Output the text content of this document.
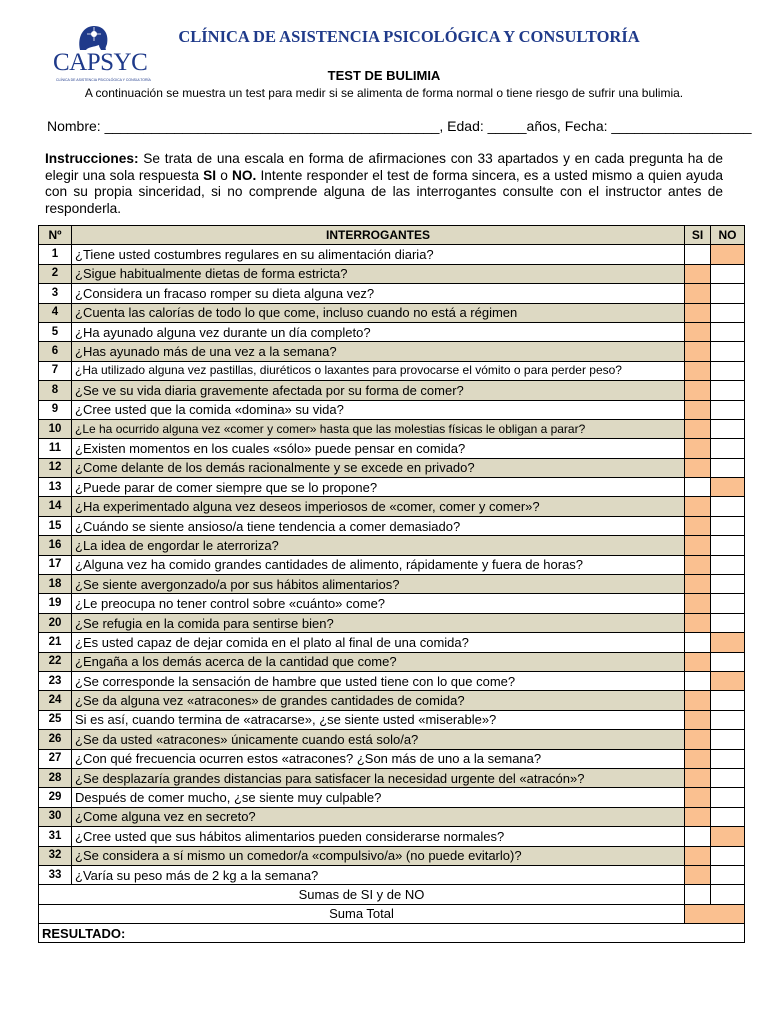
CAPSYC
CLÍNICA DE ASISTENCIA PSICOLÓGICA Y CONSULTORÍA
CLÍNICA DE ASISTENCIA PSICOLÓGICA Y CONSULTORÍA
TEST DE BULIMIA
A continuación se muestra un test para medir si se alimenta de forma normal o tiene riesgo de sufrir una bulimia.
Nombre: ___________________________________________, Edad: _____años, Fecha: __________________
Instrucciones: Se trata de una escala en forma de afirmaciones con 33 apartados y en cada pregunta ha de elegir una sola respuesta SI o NO. Intente responder el test de forma sincera, es a usted mismo a quien ayuda con su propia sinceridad, si no comprende alguna de las interrogantes consulte con el instructor antes de responderla.
Nº	INTERROGANTES	SI	NO
1	¿Tiene usted costumbres regulares en su alimentación diaria?		
2	¿Sigue habitualmente dietas de forma estricta?		
3	¿Considera un fracaso romper su dieta alguna vez?		
4	¿Cuenta las calorías de todo lo que come, incluso cuando no está a régimen		
5	¿Ha ayunado alguna vez durante un día completo?		
6	¿Has ayunado más de una vez a la semana?		
7	¿Ha utilizado alguna vez pastillas, diuréticos o laxantes para provocarse el vómito o para perder peso?		
8	¿Se ve su vida diaria gravemente afectada por su forma de comer?		
9	¿Cree usted que la comida «domina» su vida?		
10	¿Le ha ocurrido alguna vez «comer y comer» hasta que las molestias físicas le obligan a parar?		
11	¿Existen momentos en los cuales «sólo» puede pensar en comida?		
12	¿Come delante de los demás racionalmente y se excede en privado?		
13	¿Puede parar de comer siempre que se lo propone?		
14	¿Ha experimentado alguna vez deseos imperiosos de «comer, comer y comer»?		
15	¿Cuándo se siente ansioso/a tiene tendencia a comer demasiado?		
16	¿La idea de engordar le aterroriza?		
17	¿Alguna vez ha comido grandes cantidades de alimento, rápidamente y fuera de horas?		
18	¿Se siente avergonzado/a por sus hábitos alimentarios?		
19	¿Le preocupa no tener control sobre «cuánto» come?		
20	¿Se refugia en la comida para sentirse bien?		
21	¿Es usted capaz de dejar comida en el plato al final de una comida?		
22	¿Engaña a los demás acerca de la cantidad que come?		
23	¿Se corresponde la sensación de hambre que usted tiene con lo que come?		
24	¿Se da alguna vez «atracones» de grandes cantidades de comida?		
25	Si es así, cuando termina de «atracarse», ¿se siente usted «miserable»?		
26	¿Se da usted «atracones» únicamente cuando está solo/a?		
27	¿Con qué frecuencia ocurren estos «atracones? ¿Son más de uno a la semana?		
28	¿Se desplazaría grandes distancias para satisfacer la necesidad urgente del «atracón»?		
29	Después de comer mucho, ¿se siente muy culpable?		
30	¿Come alguna vez en secreto?		
31	¿Cree usted que sus hábitos alimentarios pueden considerarse normales?		
32	¿Se considera a sí mismo un comedor/a «compulsivo/a» (no puede evitarlo)?		
33	¿Varía su peso más de 2 kg a la semana?		
Sumas de SI y de NO			
Suma Total			
RESULTADO:			
